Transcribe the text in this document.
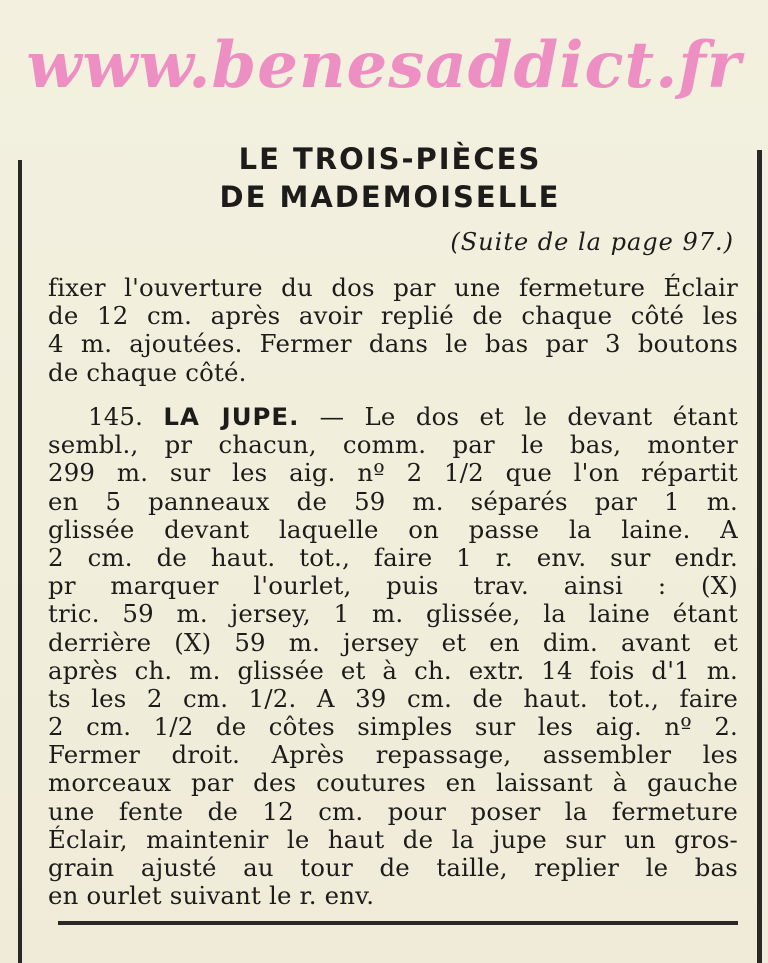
www.benesaddict.fr
LE TROIS-PIÈCES
DE MADEMOISELLE
(Suite de la page 97.)
fixer l'ouverture du dos par une fermeture Éclair
de 12 cm. après avoir replié de chaque côté les
4 m. ajoutées. Fermer dans le bas par 3 boutons
de chaque côté.
145. LA JUPE. — Le dos et le devant étant
sembl., pr chacun, comm. par le bas, monter
299 m. sur les aig. nº 2 1/2 que l'on répartit
en 5 panneaux de 59 m. séparés par 1 m.
glissée devant laquelle on passe la laine. A
2 cm. de haut. tot., faire 1 r. env. sur endr.
pr marquer l'ourlet, puis trav. ainsi : (X)
tric. 59 m. jersey, 1 m. glissée, la laine étant
derrière (X) 59 m. jersey et en dim. avant et
après ch. m. glissée et à ch. extr. 14 fois d'1 m.
ts les 2 cm. 1/2. A 39 cm. de haut. tot., faire
2 cm. 1/2 de côtes simples sur les aig. nº 2.
Fermer droit. Après repassage, assembler les
morceaux par des coutures en laissant à gauche
une fente de 12 cm. pour poser la fermeture
Éclair, maintenir le haut de la jupe sur un gros-
grain ajusté au tour de taille, replier le bas
en ourlet suivant le r. env.
